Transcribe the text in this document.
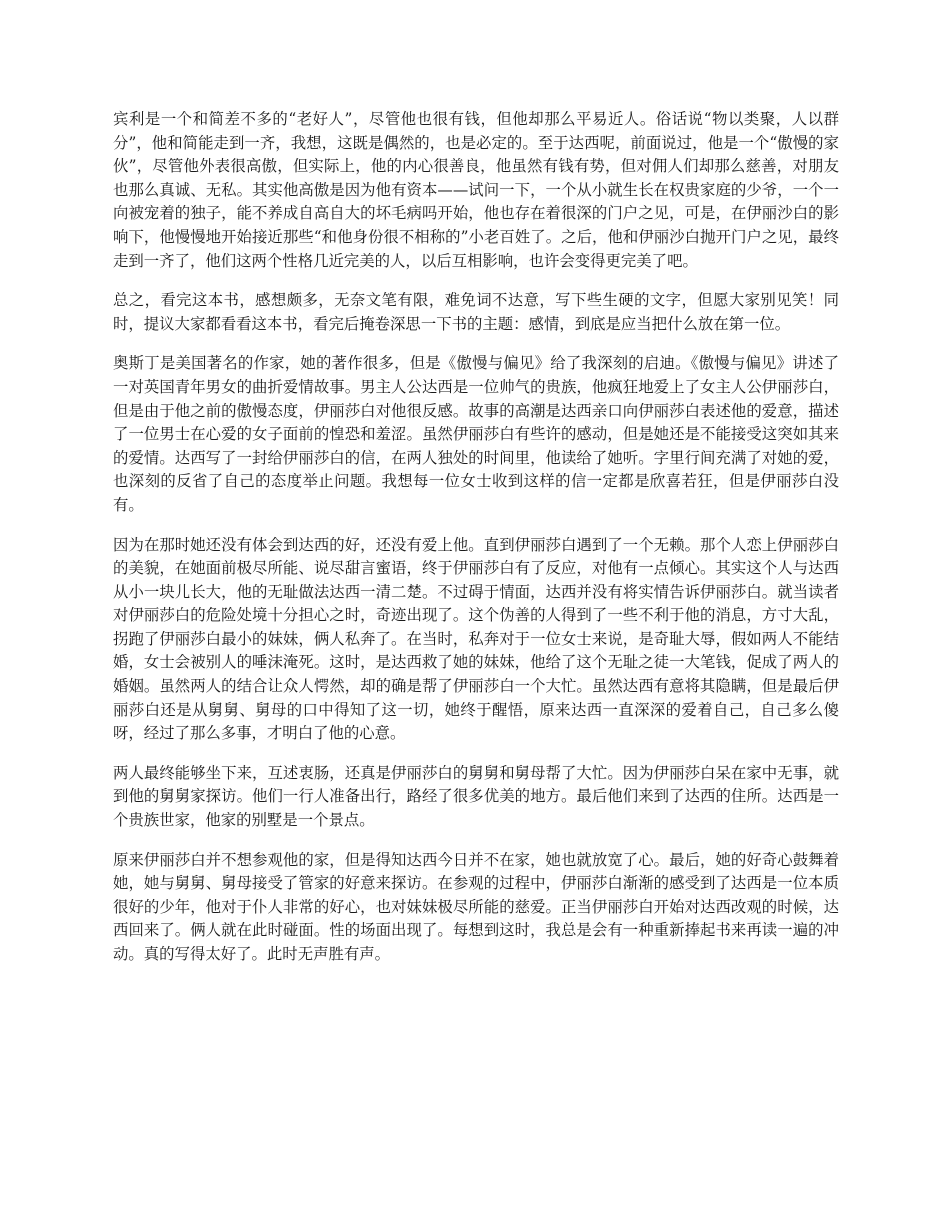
宾利是一个和简差不多的“老好人”，尽管他也很有钱，但他却那么平易近人。俗话说“物以类聚，人以群分”，他和简能走到一齐，我想，这既是偶然的，也是必定的。至于达西呢，前面说过，他是一个“傲慢的家伙”，尽管他外表很高傲，但实际上，他的内心很善良，他虽然有钱有势，但对佣人们却那么慈善，对朋友也那么真诚、无私。其实他高傲是因为他有资本——试问一下，一个从小就生长在权贵家庭的少爷，一个一向被宠着的独子，能不养成自高自大的坏毛病吗开始，他也存在着很深的门户之见，可是，在伊丽沙白的影响下，他慢慢地开始接近那些“和他身份很不相称的”小老百姓了。之后，他和伊丽沙白抛开门户之见，最终走到一齐了，他们这两个性格几近完美的人，以后互相影响，也许会变得更完美了吧。

总之，看完这本书，感想颇多，无奈文笔有限，难免词不达意，写下些生硬的文字，但愿大家别见笑！同时，提议大家都看看这本书，看完后掩卷深思一下书的主题：感情，到底是应当把什么放在第一位。

奥斯丁是美国著名的作家，她的著作很多，但是《傲慢与偏见》给了我深刻的启迪。《傲慢与偏见》讲述了一对英国青年男女的曲折爱情故事。男主人公达西是一位帅气的贵族，他疯狂地爱上了女主人公伊丽莎白，但是由于他之前的傲慢态度，伊丽莎白对他很反感。故事的高潮是达西亲口向伊丽莎白表述他的爱意，描述了一位男士在心爱的女子面前的惶恐和羞涩。虽然伊丽莎白有些许的感动，但是她还是不能接受这突如其来的爱情。达西写了一封给伊丽莎白的信，在两人独处的时间里，他读给了她听。字里行间充满了对她的爱，也深刻的反省了自己的态度举止问题。我想每一位女士收到这样的信一定都是欣喜若狂，但是伊丽莎白没有。

因为在那时她还没有体会到达西的好，还没有爱上他。直到伊丽莎白遇到了一个无赖。那个人恋上伊丽莎白的美貌，在她面前极尽所能、说尽甜言蜜语，终于伊丽莎白有了反应，对他有一点倾心。其实这个人与达西从小一块儿长大，他的无耻做法达西一清二楚。不过碍于情面，达西并没有将实情告诉伊丽莎白。就当读者对伊丽莎白的危险处境十分担心之时，奇迹出现了。这个伪善的人得到了一些不利于他的消息，方寸大乱，拐跑了伊丽莎白最小的妹妹，俩人私奔了。在当时，私奔对于一位女士来说，是奇耻大辱，假如两人不能结婚，女士会被别人的唾沫淹死。这时，是达西救了她的妹妹，他给了这个无耻之徒一大笔钱，促成了两人的婚姻。虽然两人的结合让众人愕然，却的确是帮了伊丽莎白一个大忙。虽然达西有意将其隐瞒，但是最后伊丽莎白还是从舅舅、舅母的口中得知了这一切，她终于醒悟，原来达西一直深深的爱着自己，自己多么傻呀，经过了那么多事，才明白了他的心意。

两人最终能够坐下来，互述衷肠，还真是伊丽莎白的舅舅和舅母帮了大忙。因为伊丽莎白呆在家中无事，就到他的舅舅家探访。他们一行人准备出行，路经了很多优美的地方。最后他们来到了达西的住所。达西是一个贵族世家，他家的别墅是一个景点。

原来伊丽莎白并不想参观他的家，但是得知达西今日并不在家，她也就放宽了心。最后，她的好奇心鼓舞着她，她与舅舅、舅母接受了管家的好意来探访。在参观的过程中，伊丽莎白渐渐的感受到了达西是一位本质很好的少年，他对于仆人非常的好心，也对妹妹极尽所能的慈爱。正当伊丽莎白开始对达西改观的时候，达西回来了。俩人就在此时碰面。性的场面出现了。每想到这时，我总是会有一种重新捧起书来再读一遍的冲动。真的写得太好了。此时无声胜有声。
